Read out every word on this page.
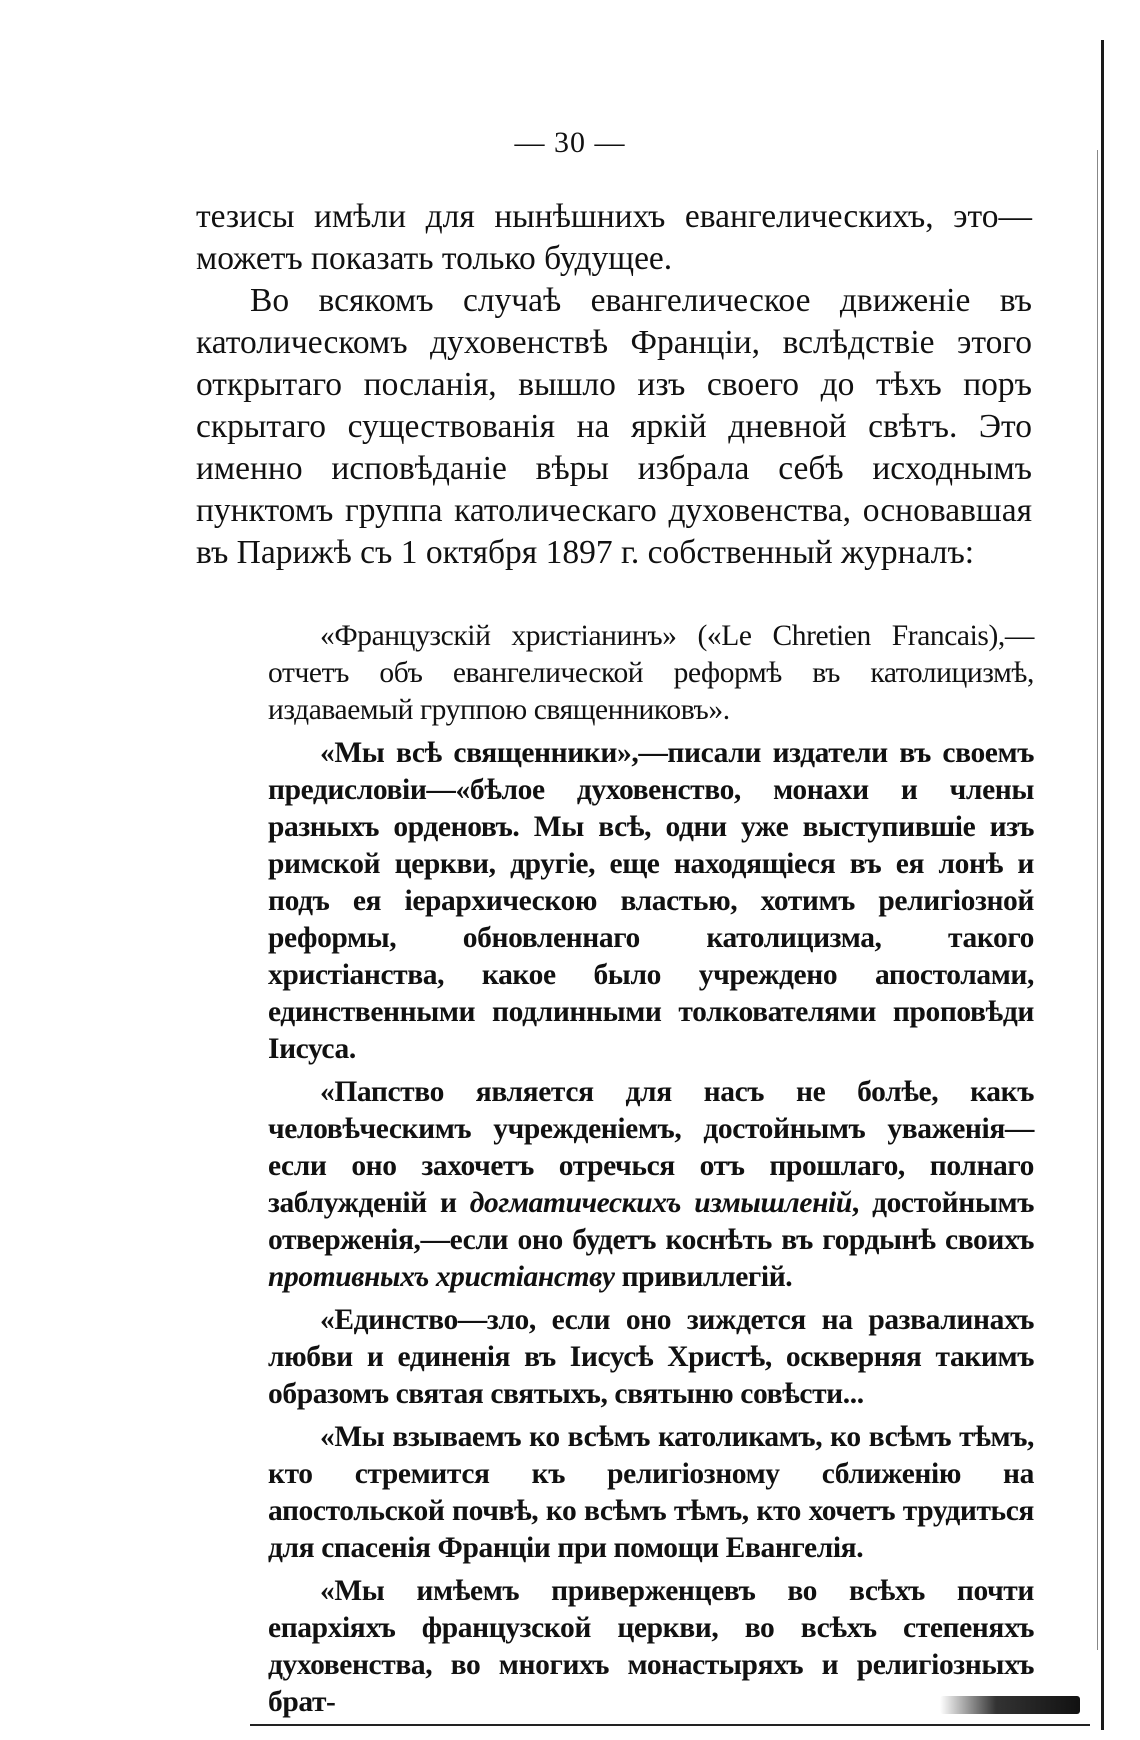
— 30 —

тезисы имѣли для нынѣшнихъ евангелическихъ, это—можетъ показать только будущее.

Во всякомъ случаѣ евангелическое движеніе въ католическомъ духовенствѣ Франціи, вслѣдствіе этого открытаго посланія, вышло изъ своего до тѣхъ поръ скрытаго существованія на яркій дневной свѣтъ. Это именно исповѣданіе вѣры избрала себѣ исходнымъ пунктомъ группа католическаго духовенства, основавшая въ Парижѣ съ 1 октября 1897 г. собственный журналъ:

«Французскій христіанинъ» («Le Chretien Francais),— отчетъ объ евангелической реформѣ въ католицизмѣ, издаваемый группою священниковъ».

«Мы всѣ священники»,—писали издатели въ своемъ предисловіи—«бѣлое духовенство, монахи и члены разныхъ орденовъ. Мы всѣ, одни уже выступившіе изъ римской церкви, другіе, еще находящіеся въ ея лонѣ и подъ ея іерархическою властью, хотимъ религіозной реформы, обновленнаго католицизма, такого христіанства, какое было учреждено апостолами, единственными подлинными толкователями проповѣди Іисуса.

«Папство является для насъ не болѣе, какъ человѣческимъ учрежденіемъ, достойнымъ уваженія—если оно захочетъ отречься отъ прошлаго, полнаго заблужденій и догматическихъ измышленій, достойнымъ отверженія,—если оно будетъ коснѣть въ гордынѣ своихъ противныхъ христіанству привиллегій.

«Единство—зло, если оно зиждется на развалинахъ любви и единенія въ Іисусѣ Христѣ, оскверняя такимъ образомъ святая святыхъ, святыню совѣсти...

«Мы взываемъ ко всѣмъ католикамъ, ко всѣмъ тѣмъ, кто стремится къ религіозному сближенію на апостольской почвѣ, ко всѣмъ тѣмъ, кто хочетъ трудиться для спасенія Франціи при помощи Евангелія.

«Мы имѣемъ приверженцевъ во всѣхъ почти епархіяхъ французской церкви, во всѣхъ степеняхъ духовенства, во многихъ монастыряхъ и религіозныхъ брат-
